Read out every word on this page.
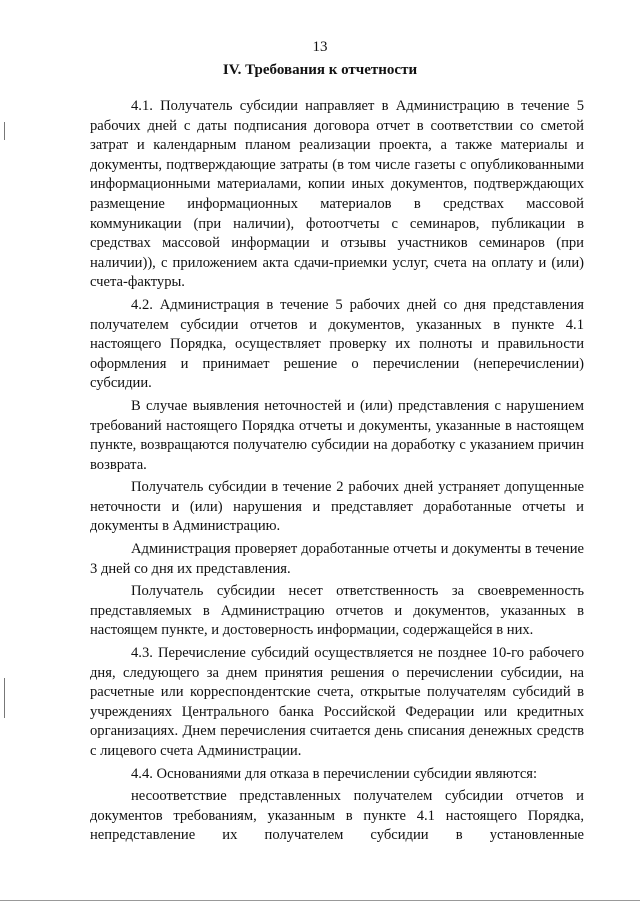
13
IV. Требования к отчетности

4.1. Получатель субсидии направляет в Администрацию в течение 5 рабочих дней с даты подписания договора отчет в соответствии со сметой затрат и календарным планом реализации проекта, а также материалы и документы, подтверждающие затраты (в том числе газеты с опубликованными информационными материалами, копии иных документов, подтверждающих размещение информационных материалов в средствах массовой коммуникации (при наличии), фотоотчеты с семинаров, публикации в средствах массовой информации и отзывы участников семинаров (при наличии)), с приложением акта сдачи-приемки услуг, счета на оплату и (или) счета-фактуры.

4.2. Администрация в течение 5 рабочих дней со дня представления получателем субсидии отчетов и документов, указанных в пункте 4.1 настоящего Порядка, осуществляет проверку их полноты и правильности оформления и принимает решение о перечислении (неперечислении) субсидии.

В случае выявления неточностей и (или) представления с нарушением требований настоящего Порядка отчеты и документы, указанные в настоящем пункте, возвращаются получателю субсидии на доработку с указанием причин возврата.

Получатель субсидии в течение 2 рабочих дней устраняет допущенные неточности и (или) нарушения и представляет доработанные отчеты и документы в Администрацию.

Администрация проверяет доработанные отчеты и документы в течение 3 дней со дня их представления.

Получатель субсидии несет ответственность за своевременность представляемых в Администрацию отчетов и документов, указанных в настоящем пункте, и достоверность информации, содержащейся в них.

4.3. Перечисление субсидий осуществляется не позднее 10-го рабочего дня, следующего за днем принятия решения о перечислении субсидии, на расчетные или корреспондентские счета, открытые получателям субсидий в учреждениях Центрального банка Российской Федерации или кредитных организациях. Днем перечисления считается день списания денежных средств с лицевого счета Администрации.

4.4. Основаниями для отказа в перечислении субсидии являются:

несоответствие представленных получателем субсидии отчетов и документов требованиям, указанным в пункте 4.1 настоящего Порядка, непредставление их получателем субсидии в установленные
